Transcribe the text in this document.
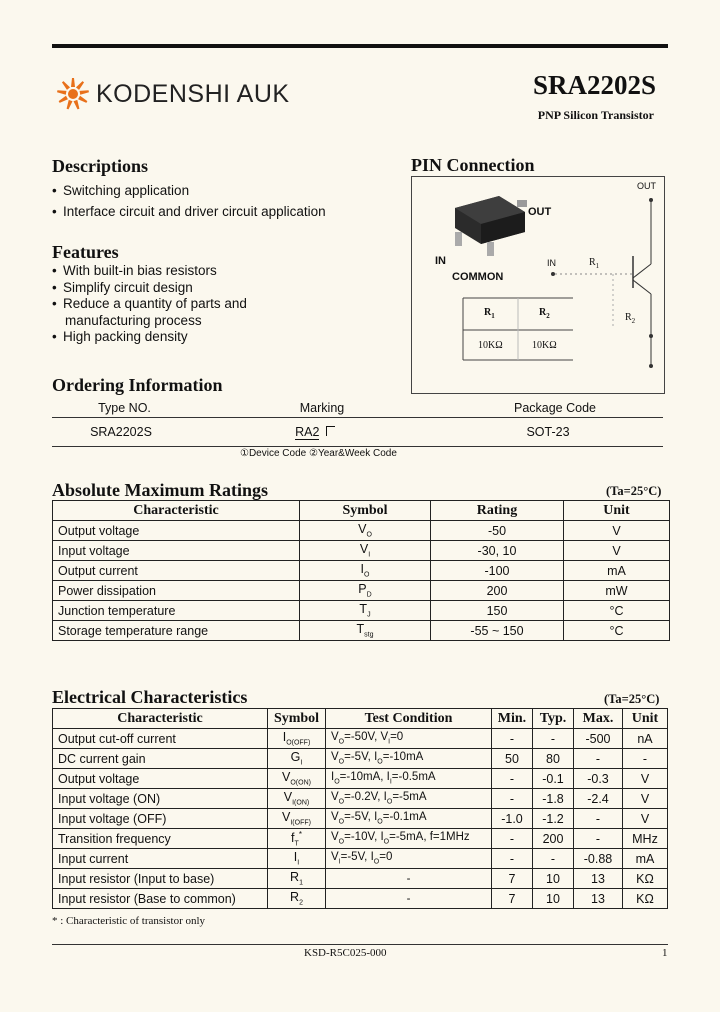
KODENSHI AUK	SRA2202S
PNP Silicon Transistor
Descriptions
• Switching application
• Interface circuit and driver circuit application
Features
• With built-in bias resistors
• Simplify circuit design
• Reduce a quantity of parts and
manufacturing process
• High packing density
PIN Connection
OUT
IN
COMMON
OUT
IN	$R_1$
$R_2$
$R_1$	$R_2$
10KΩ	10KΩ
Ordering Information
Type NO.	Marking	Package Code
SRA2202S	RA2	SOT-23
①Device Code ②Year&Week Code
Absolute Maximum Ratings	(Ta=25°C)
Characteristic	Symbol	Rating	Unit
Output voltage	$V_O$	-50	V
Input voltage	$V_I$	-30, 10	V
Output current	$I_O$	-100	mA
Power dissipation	$P_D$	200	mW
Junction temperature	$T_J$	150	°C
Storage temperature range	$T_{stg}$	-55 ~ 150	°C
Electrical Characteristics	(Ta=25°C)
Characteristic	Symbol	Test Condition	Min.	Typ.	Max.	Unit
Output cut-off current	$I_{O(OFF)}$	$V_O=-50V$, $V_I=0$	-	-	-500	nA
DC current gain	$G_I$	$V_O=-5V$, $I_O=-10mA$	50	80	-	-
Output voltage	$V_{O(ON)}$	$I_O=-10mA$, $I_I=-0.5mA$	-	-0.1	-0.3	V
Input voltage (ON)	$V_{I(ON)}$	$V_O=-0.2V$, $I_O=-5mA$	-	-1.8	-2.4	V
Input voltage (OFF)	$V_{I(OFF)}$	$V_O=-5V$, $I_O=-0.1mA$	-1.0	-1.2	-	V
Transition frequency	$f_T^*$	$V_O=-10V$, $I_O=-5mA$, f=1MHz	-	200	-	MHz
Input current	$I_I$	$V_I=-5V$, $I_O=0$	-	-	-0.88	mA
Input resistor (Input to base)	$R_1$	-	7	10	13	KΩ
Input resistor (Base to common)	$R_2$	-	7	10	13	KΩ
* : Characteristic of transistor only
KSD-R5C025-000	1
